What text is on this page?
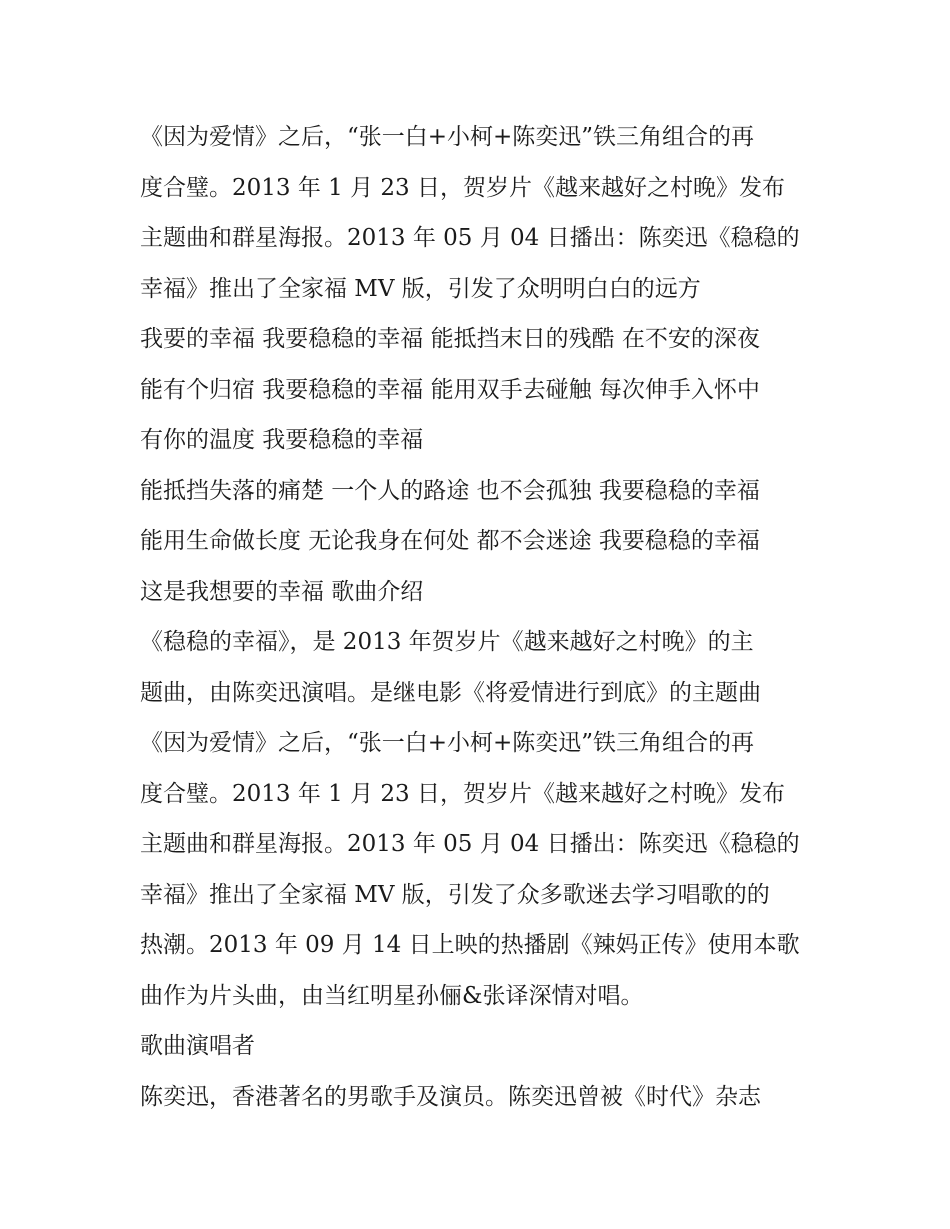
《因为爱情》之后，“张一白+小柯+陈奕迅”铁三角组合的再
度合璧。2013 年 1 月 23 日，贺岁片《越来越好之村晚》发布
主题曲和群星海报。2013 年 05 月 04 日播出：陈奕迅《稳稳的
幸福》推出了全家福 MV 版，引发了众明明白白的远方
我要的幸福 我要稳稳的幸福 能抵挡末日的残酷 在不安的深夜
能有个归宿 我要稳稳的幸福 能用双手去碰触 每次伸手入怀中
有你的温度 我要稳稳的幸福
能抵挡失落的痛楚 一个人的路途 也不会孤独 我要稳稳的幸福
能用生命做长度 无论我身在何处 都不会迷途 我要稳稳的幸福
这是我想要的幸福 歌曲介绍
《稳稳的幸福》，是 2013 年贺岁片《越来越好之村晚》的主
题曲，由陈奕迅演唱。是继电影《将爱情进行到底》的主题曲
《因为爱情》之后，“张一白+小柯+陈奕迅”铁三角组合的再
度合璧。2013 年 1 月 23 日，贺岁片《越来越好之村晚》发布
主题曲和群星海报。2013 年 05 月 04 日播出：陈奕迅《稳稳的
幸福》推出了全家福 MV 版，引发了众多歌迷去学习唱歌的的
热潮。2013 年 09 月 14 日上映的热播剧《辣妈正传》使用本歌
曲作为片头曲，由当红明星孙俪&张译深情对唱。
歌曲演唱者
陈奕迅，香港著名的男歌手及演员。陈奕迅曾被《时代》杂志
